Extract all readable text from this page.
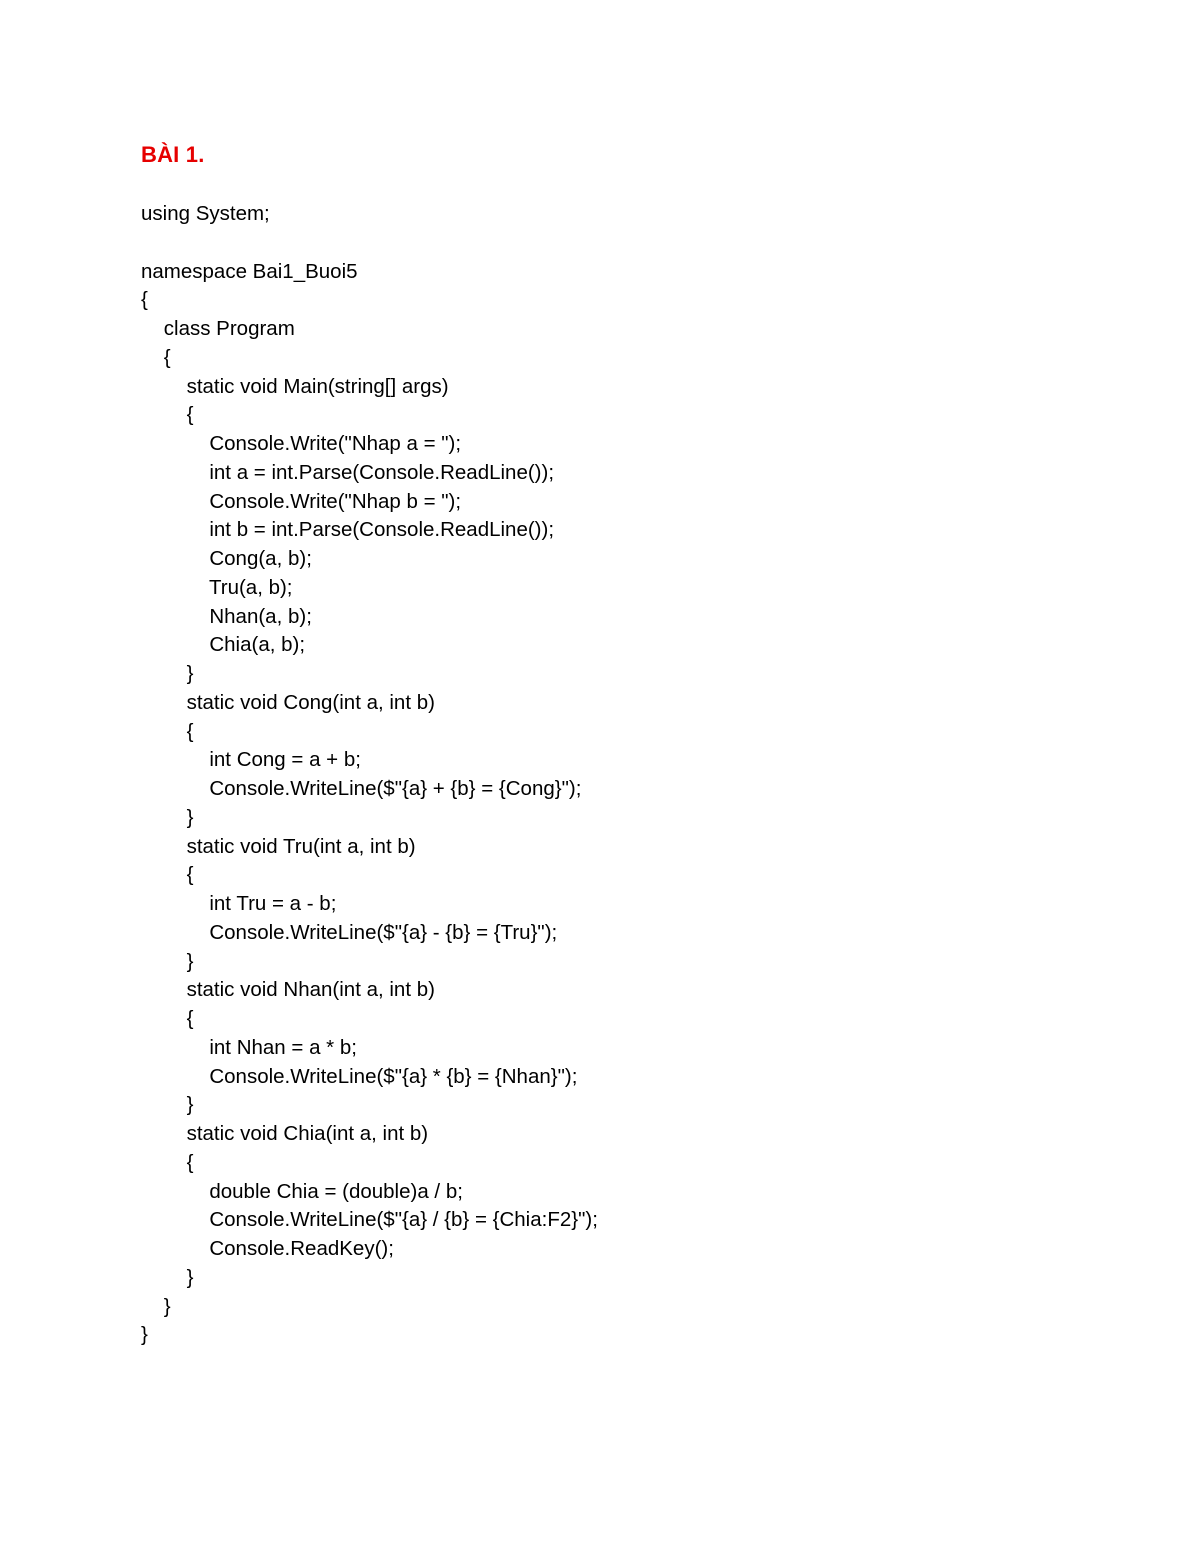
BÀI 1.
using System;
namespace Bai1_Buoi5
{
class Program
{
static void Main(string[] args)
{
Console.Write("Nhap a = ");
int a = int.Parse(Console.ReadLine());
Console.Write("Nhap b = ");
int b = int.Parse(Console.ReadLine());
Cong(a, b);
Tru(a, b);
Nhan(a, b);
Chia(a, b);
}
static void Cong(int a, int b)
{
int Cong = a + b;
Console.WriteLine($"{a} + {b} = {Cong}");
}
static void Tru(int a, int b)
{
int Tru = a - b;
Console.WriteLine($"{a} - {b} = {Tru}");
}
static void Nhan(int a, int b)
{
int Nhan = a * b;
Console.WriteLine($"{a} * {b} = {Nhan}");
}
static void Chia(int a, int b)
{
double Chia = (double)a / b;
Console.WriteLine($"{a} / {b} = {Chia:F2}");
Console.ReadKey();
}
}
}
